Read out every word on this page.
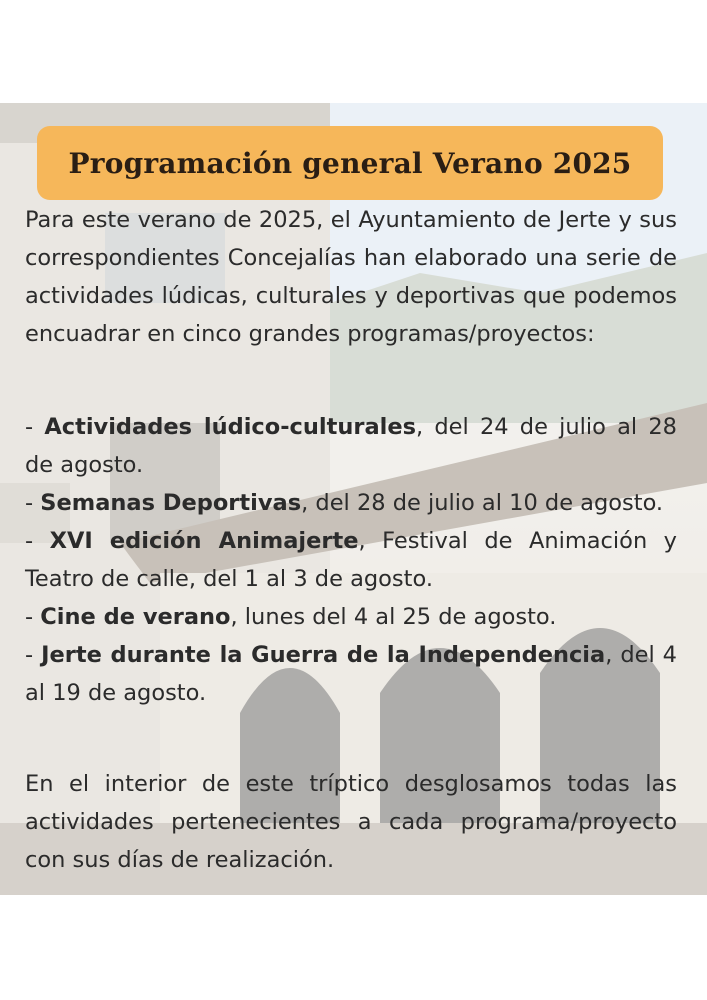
Programación general Verano 2025

Para este verano de 2025, el Ayuntamiento de Jerte y sus correspondientes Concejalías han elaborado una serie de actividades lúdicas, culturales y deportivas que podemos encuadrar en cinco grandes programas/proyectos:

- Actividades lúdico-culturales, del 24 de julio al 28 de agosto.

- Semanas Deportivas, del 28 de julio al 10 de agosto.

- XVI edición Animajerte, Festival de Animación y Teatro de calle, del 1 al 3 de agosto.

- Cine de verano, lunes del 4 al 25 de agosto.

- Jerte durante la Guerra de la Independencia, del 4 al 19 de agosto.

En el interior de este tríptico desglosamos todas las actividades pertenecientes a cada programa/proyecto con sus días de realización.
